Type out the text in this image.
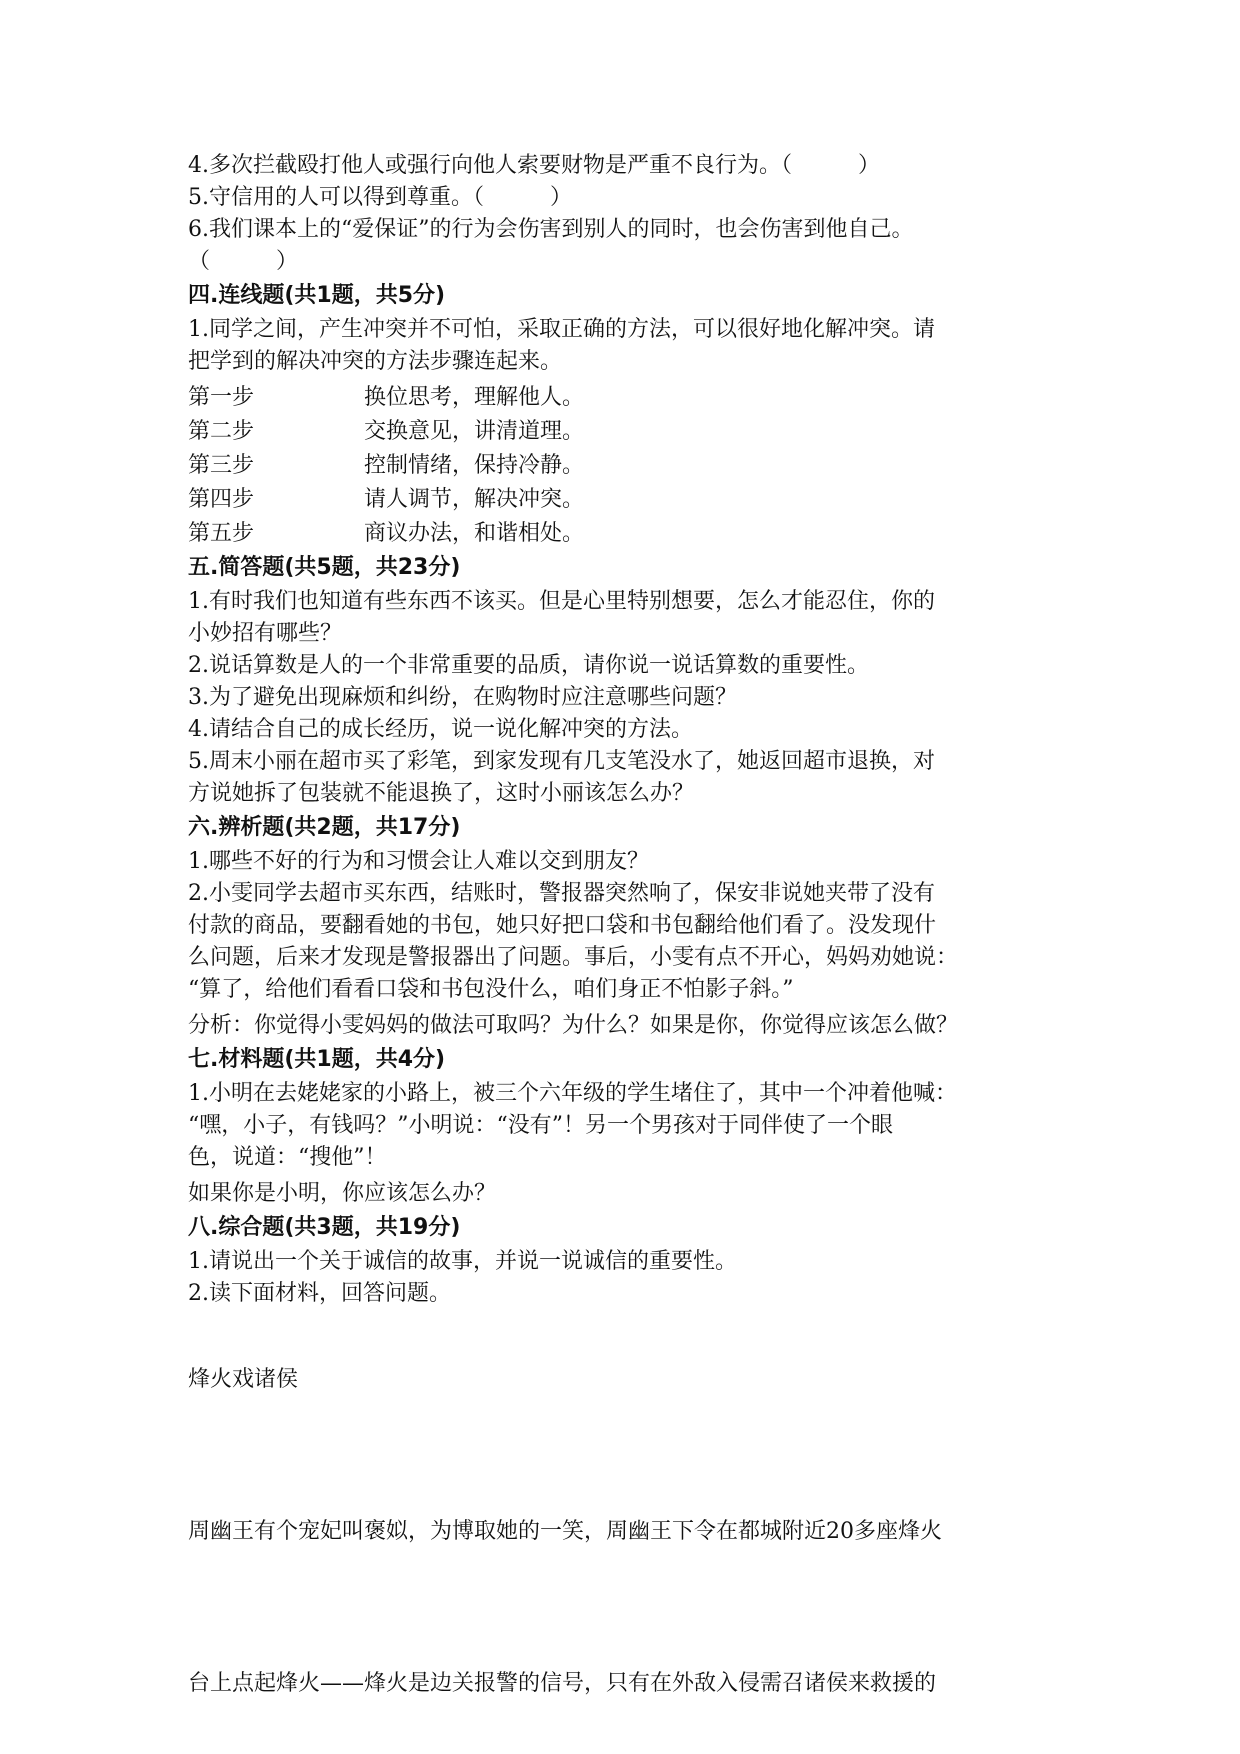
4.多次拦截殴打他人或强行向他人索要财物是严重不良行为。（　　　）
5.守信用的人可以得到尊重。（　　　）
6.我们课本上的“爱保证”的行为会伤害到别人的同时，也会伤害到他自己。
（　　　）
四.连线题(共1题，共5分)
1.同学之间，产生冲突并不可怕，采取正确的方法，可以很好地化解冲突。请
把学到的解决冲突的方法步骤连起来。
第一步	换位思考，理解他人。
第二步	交换意见，讲清道理。
第三步	控制情绪，保持冷静。
第四步	请人调节，解决冲突。
第五步	商议办法，和谐相处。
五.简答题(共5题，共23分)
1.有时我们也知道有些东西不该买。但是心里特别想要，怎么才能忍住，你的
小妙招有哪些？
2.说话算数是人的一个非常重要的品质，请你说一说话算数的重要性。
3.为了避免出现麻烦和纠纷，在购物时应注意哪些问题？
4.请结合自己的成长经历，说一说化解冲突的方法。
5.周末小丽在超市买了彩笔，到家发现有几支笔没水了，她返回超市退换，对
方说她拆了包装就不能退换了，这时小丽该怎么办？
六.辨析题(共2题，共17分)
1.哪些不好的行为和习惯会让人难以交到朋友？
2.小雯同学去超市买东西，结账时，警报器突然响了，保安非说她夹带了没有
付款的商品，要翻看她的书包，她只好把口袋和书包翻给他们看了。没发现什
么问题，后来才发现是警报器出了问题。事后，小雯有点不开心，妈妈劝她说：
“算了，给他们看看口袋和书包没什么，咱们身正不怕影子斜。”
分析：你觉得小雯妈妈的做法可取吗？为什么？如果是你，你觉得应该怎么做？
七.材料题(共1题，共4分)
1.小明在去姥姥家的小路上，被三个六年级的学生堵住了，其中一个冲着他喊：
“嘿，小子，有钱吗？”小明说：“没有”！另一个男孩对于同伴使了一个眼
色，说道：“搜他”！
如果你是小明，你应该怎么办？
八.综合题(共3题，共19分)
1.请说出一个关于诚信的故事，并说一说诚信的重要性。
2.读下面材料，回答问题。
烽火戏诸侯
周幽王有个宠妃叫褒姒，为博取她的一笑，周幽王下令在都城附近20多座烽火
台上点起烽火——烽火是边关报警的信号，只有在外敌入侵需召诸侯来救援的
